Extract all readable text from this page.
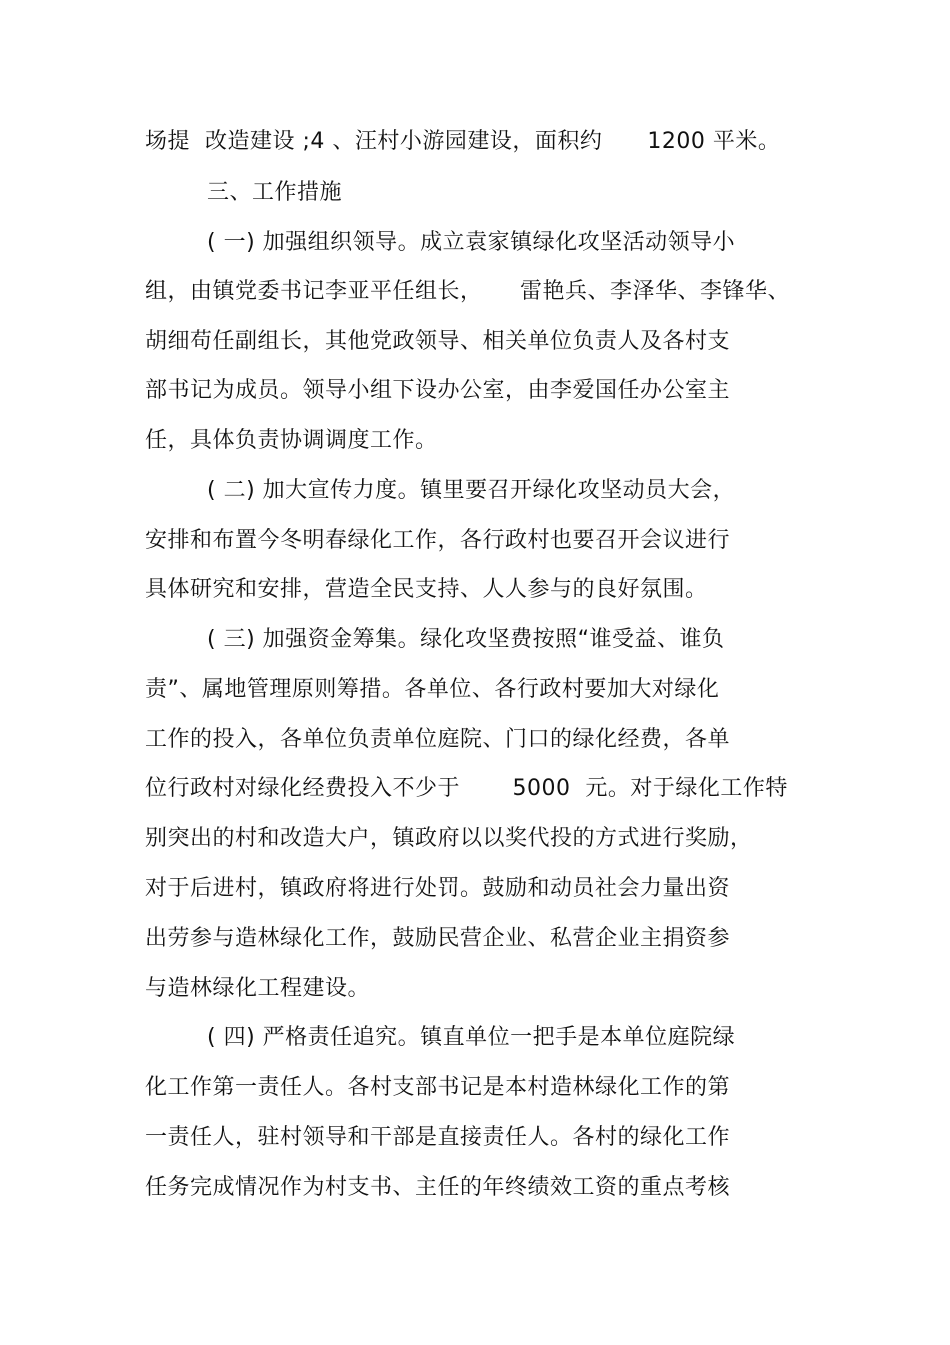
场提  改造建设 ;4 、汪村小游园建设，面积约      1200 平米。
三、工作措施
( 一) 加强组织领导。成立袁家镇绿化攻坚活动领导小
组，由镇党委书记李亚平任组长，     雷艳兵、李泽华、李锋华、
胡细苟任副组长，其他党政领导、相关单位负责人及各村支
部书记为成员。领导小组下设办公室，由李爱国任办公室主
任，具体负责协调调度工作。
( 二) 加大宣传力度。镇里要召开绿化攻坚动员大会，
安排和布置今冬明春绿化工作，各行政村也要召开会议进行
具体研究和安排，营造全民支持、人人参与的良好氛围。
( 三) 加强资金筹集。绿化攻坚费按照“谁受益、谁负
责”、属地管理原则筹措。各单位、各行政村要加大对绿化
工作的投入，各单位负责单位庭院、门口的绿化经费，各单
位行政村对绿化经费投入不少于       5000  元。对于绿化工作特
别突出的村和改造大户，镇政府以以奖代投的方式进行奖励，
对于后进村，镇政府将进行处罚。鼓励和动员社会力量出资
出劳参与造林绿化工作，鼓励民营企业、私营企业主捐资参
与造林绿化工程建设。
( 四) 严格责任追究。镇直单位一把手是本单位庭院绿
化工作第一责任人。各村支部书记是本村造林绿化工作的第
一责任人，驻村领导和干部是直接责任人。各村的绿化工作
任务完成情况作为村支书、主任的年终绩效工资的重点考核
